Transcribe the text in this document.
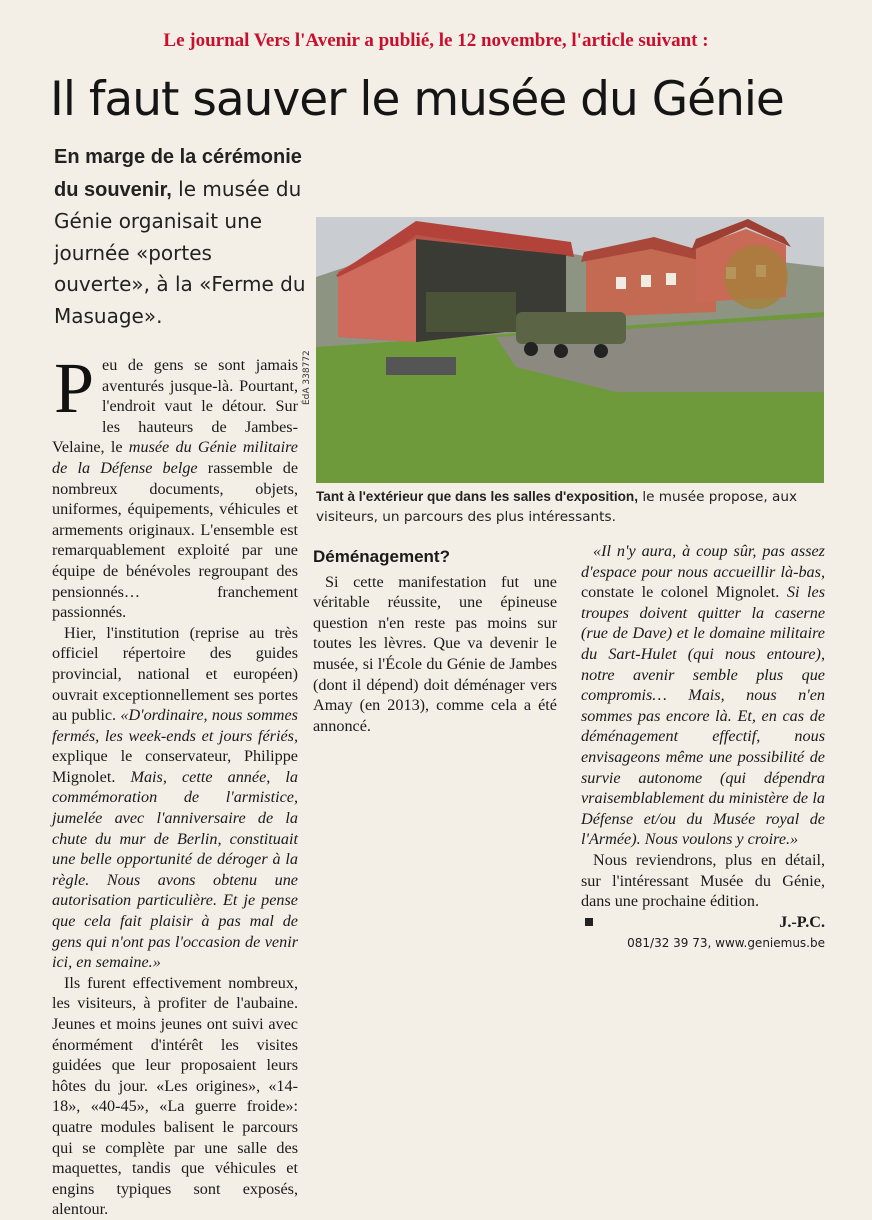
Le journal Vers l'Avenir a publié, le 12 novembre, l'article suivant :
Il faut sauver le musée du Génie
En marge de la cérémonie du souvenir, le musée du Génie organisait une journée «portes ouverte», à la «Ferme du Masuage».
ÉdA 338772
Tant à l'extérieur que dans les salles d'exposition, le musée propose, aux visiteurs, un parcours des plus intéressants.

Peu de gens se sont jamais aventurés jusque-là. Pourtant, l'endroit vaut le détour. Sur les hauteurs de Jambes-Velaine, le musée du Génie militaire de la Défense belge rassemble de nombreux documents, objets, uniformes, équipements, véhicules et armements originaux. L'ensemble est remarquablement exploité par une équipe de bénévoles regroupant des pensionnés… franchement passionnés.

Hier, l'institution (reprise au très officiel répertoire des guides provincial, national et européen) ouvrait exceptionnellement ses portes au public. «D'ordinaire, nous sommes fermés, les week-ends et jours fériés, explique le conservateur, Philippe Mignolet. Mais, cette année, la commémoration de l'armistice, jumelée avec l'anniversaire de la chute du mur de Berlin, constituait une belle opportunité de déroger à la règle. Nous avons obtenu une autorisation particulière. Et je pense que cela fait plaisir à pas mal de gens qui n'ont pas l'occasion de venir ici, en semaine.»

Ils furent effectivement nombreux, les visiteurs, à profiter de l'aubaine. Jeunes et moins jeunes ont suivi avec énormément d'intérêt les visites guidées que leur proposaient leurs hôtes du jour. «Les origines», «14-18», «40-45», «La guerre froide»: quatre modules balisent le parcours qui se complète par une salle des maquettes, tandis que véhicules et engins typiques sont exposés, alentour.

Déménagement?

Si cette manifestation fut une véritable réussite, une épineuse question n'en reste pas moins sur toutes les lèvres. Que va devenir le musée, si l'École du Génie de Jambes (dont il dépend) doit déménager vers Amay (en 2013), comme cela a été annoncé.

«Il n'y aura, à coup sûr, pas assez d'espace pour nous accueillir là-bas, constate le colonel Mignolet. Si les troupes doivent quitter la caserne (rue de Dave) et le domaine militaire du Sart-Hulet (qui nous entoure), notre avenir semble plus que compromis… Mais, nous n'en sommes pas encore là. Et, en cas de déménagement effectif, nous envisageons même une possibilité de survie autonome (qui dépendra vraisemblablement du ministère de la Défense et/ou du Musée royal de l'Armée). Nous voulons y croire.»

Nous reviendrons, plus en détail, sur l'intéressant Musée du Génie, dans une prochaine édition.

J.-P.C.
081/32 39 73, www.geniemus.be
